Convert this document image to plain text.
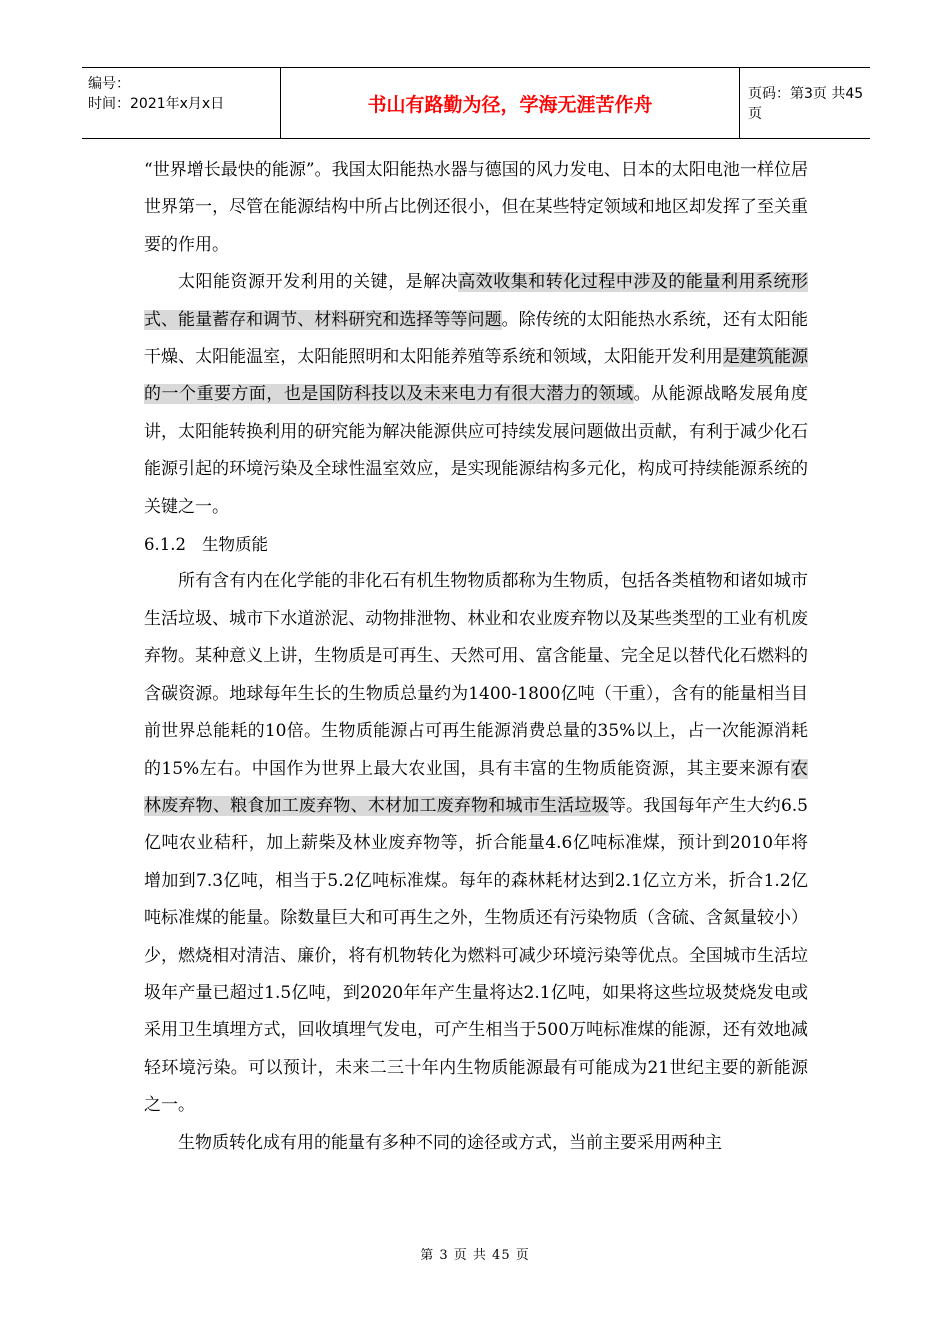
编号：
时间：2021年x月x日	书山有路勤为径，学海无涯苦作舟	页码：第3页 共45页

“世界增长最快的能源”。我国太阳能热水器与德国的风力发电、日本的太阳电池一样位居世界第一，尽管在能源结构中所占比例还很小，但在某些特定领域和地区却发挥了至关重要的作用。

太阳能资源开发利用的关键，是解决高效收集和转化过程中涉及的能量利用系统形式、能量蓄存和调节、材料研究和选择等等问题。除传统的太阳能热水系统，还有太阳能干燥、太阳能温室，太阳能照明和太阳能养殖等系统和领域，太阳能开发利用是建筑能源的一个重要方面，也是国防科技以及未来电力有很大潜力的领域。从能源战略发展角度讲，太阳能转换利用的研究能为解决能源供应可持续发展问题做出贡献，有利于减少化石能源引起的环境污染及全球性温室效应，是实现能源结构多元化，构成可持续能源系统的关键之一。

6.1.2 生物质能

所有含有内在化学能的非化石有机生物物质都称为生物质，包括各类植物和诸如城市生活垃圾、城市下水道淤泥、动物排泄物、林业和农业废弃物以及某些类型的工业有机废弃物。某种意义上讲，生物质是可再生、天然可用、富含能量、完全足以替代化石燃料的含碳资源。地球每年生长的生物质总量约为1400-1800亿吨（干重），含有的能量相当目前世界总能耗的10倍。生物质能源占可再生能源消费总量的35%以上，占一次能源消耗的15%左右。中国作为世界上最大农业国，具有丰富的生物质能资源，其主要来源有农林废弃物、粮食加工废弃物、木材加工废弃物和城市生活垃圾等。我国每年产生大约6.5亿吨农业秸秆，加上薪柴及林业废弃物等，折合能量4.6亿吨标准煤，预计到2010年将增加到7.3亿吨，相当于5.2亿吨标准煤。每年的森林耗材达到2.1亿立方米，折合1.2亿吨标准煤的能量。除数量巨大和可再生之外，生物质还有污染物质（含硫、含氮量较小）少，燃烧相对清洁、廉价，将有机物转化为燃料可减少环境污染等优点。全国城市生活垃圾年产量已超过1.5亿吨，到2020年年产生量将达2.1亿吨，如果将这些垃圾焚烧发电或采用卫生填埋方式，回收填埋气发电，可产生相当于500万吨标准煤的能源，还有效地减轻环境污染。可以预计，未来二三十年内生物质能源最有可能成为21世纪主要的新能源之一。

生物质转化成有用的能量有多种不同的途径或方式，当前主要采用两种主

第 3 页 共 45 页
